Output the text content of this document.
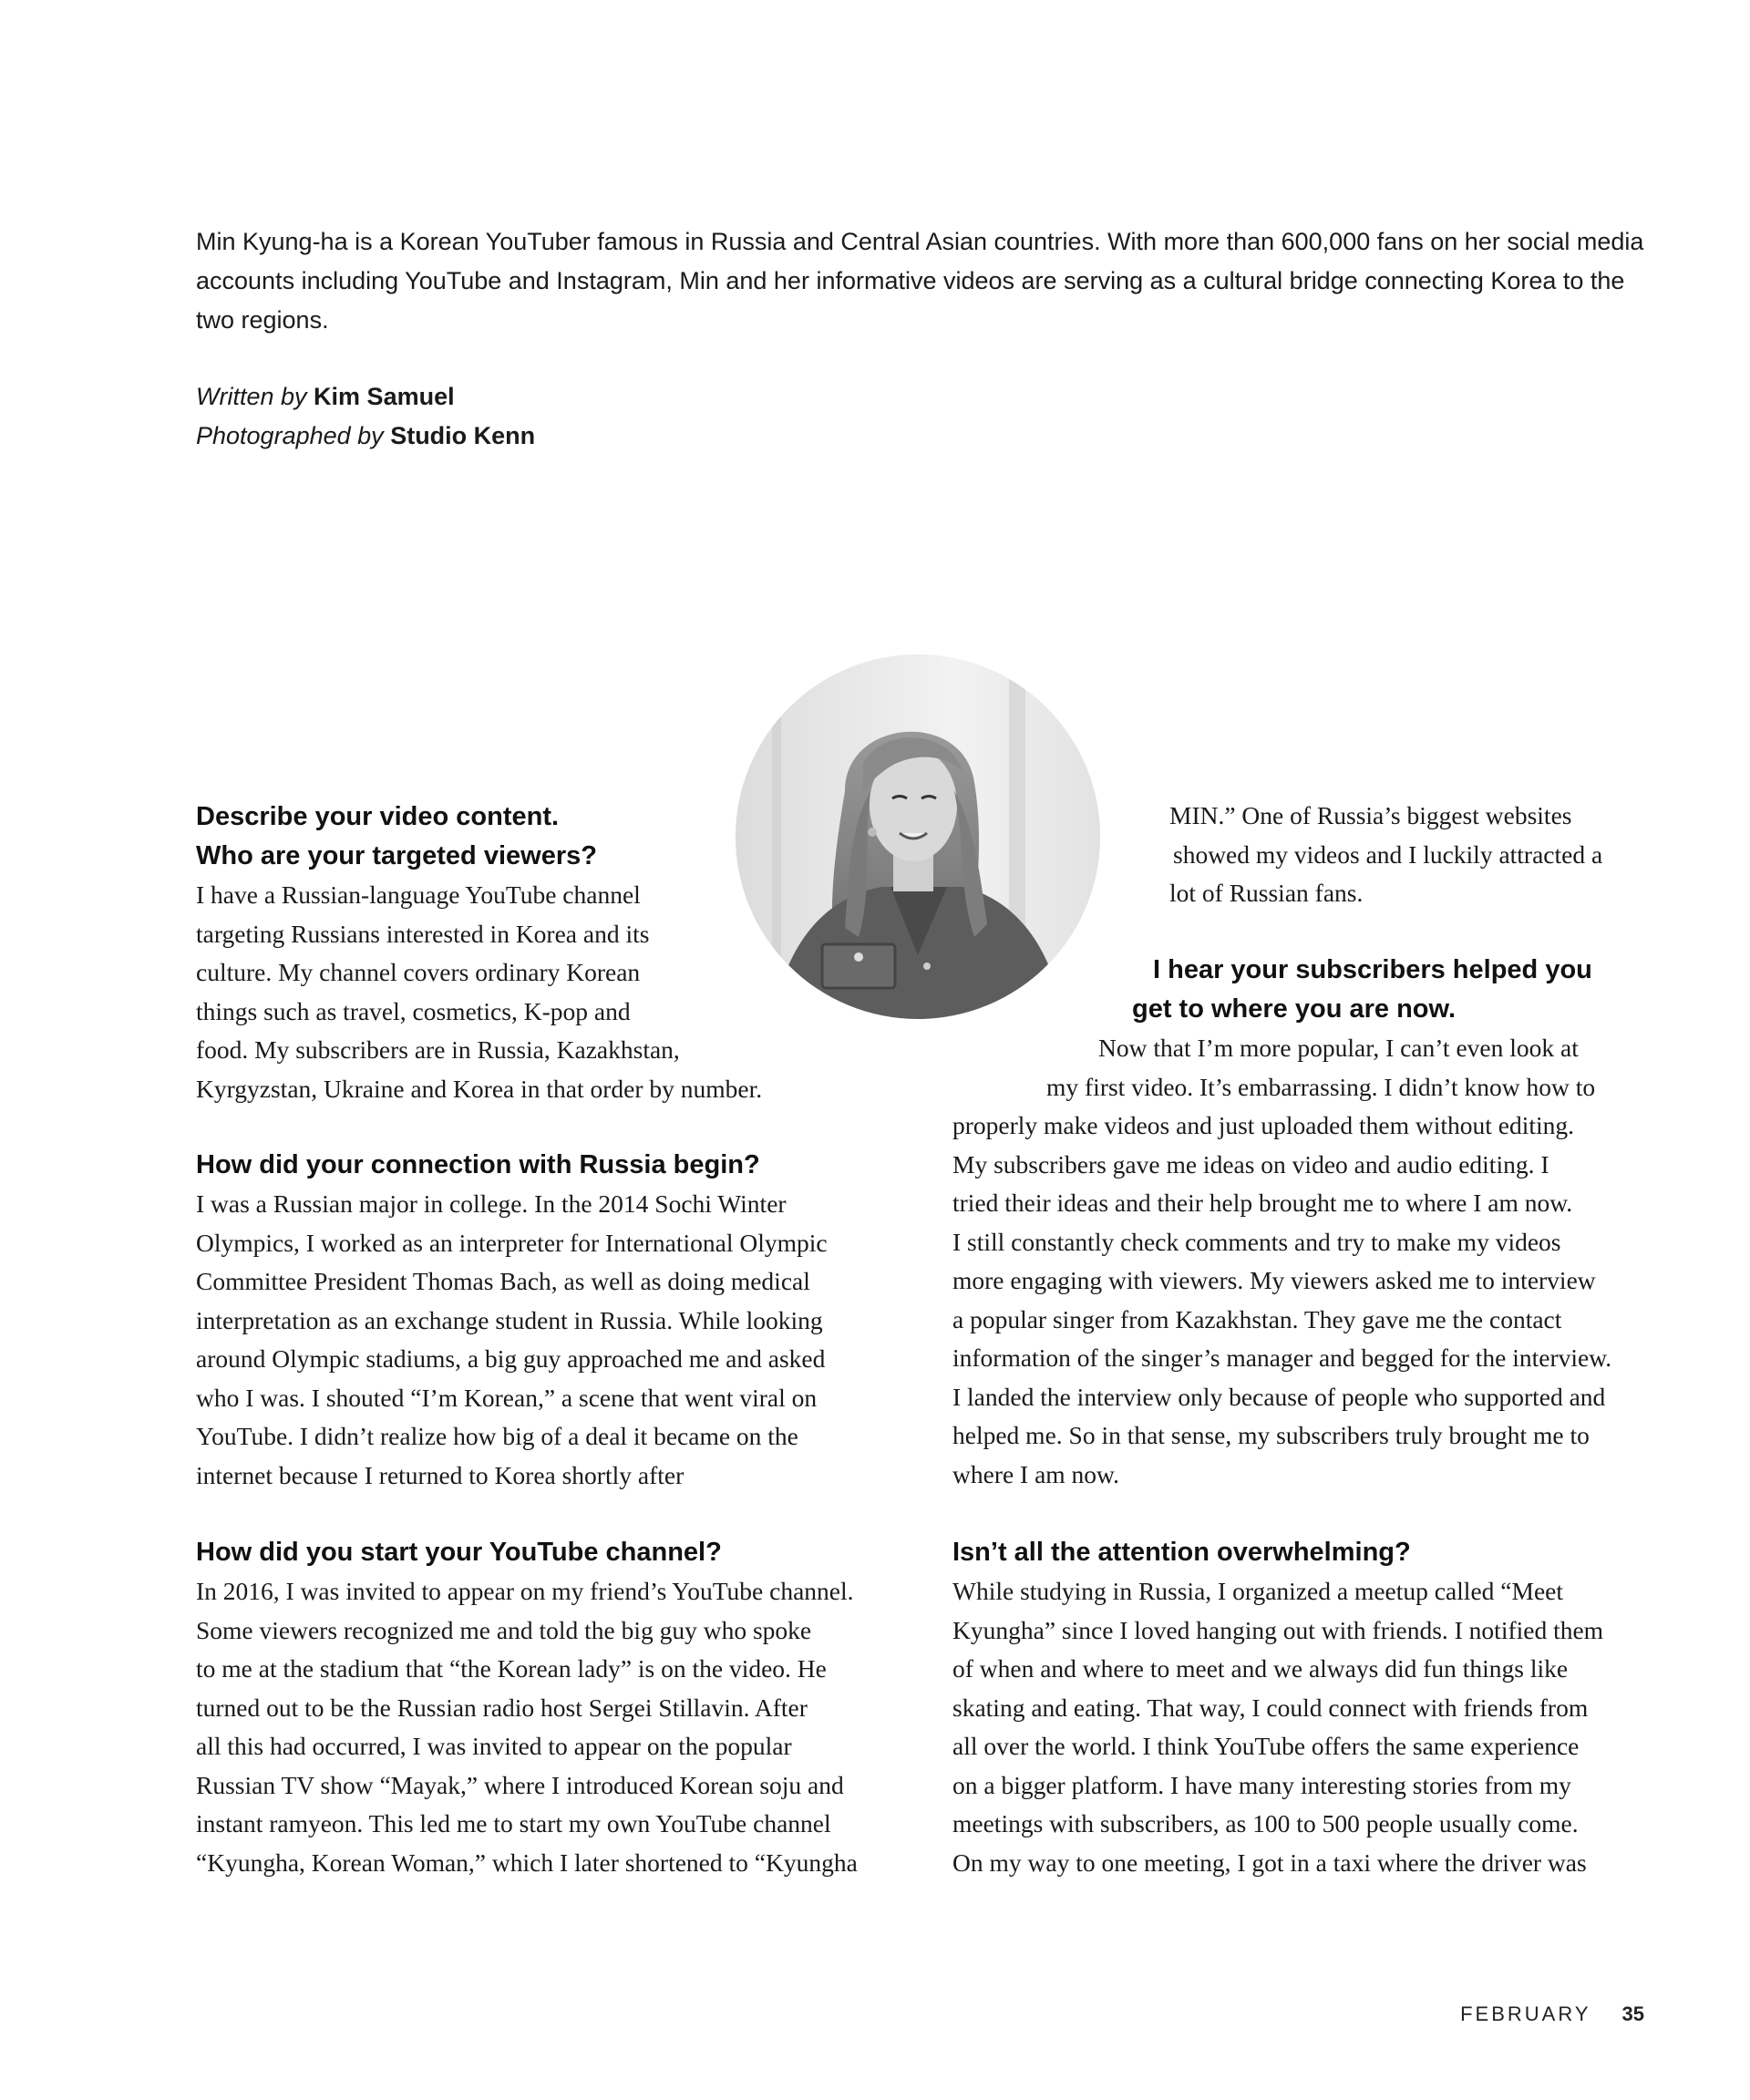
Min Kyung-ha is a Korean YouTuber famous in Russia and Central Asian countries. With more than 600,000 fans on her social media accounts including YouTube and Instagram, Min and her informative videos are serving as a cultural bridge connecting Korea to the two regions.

Written by Kim Samuel
Photographed by Studio Kenn
Describe your video content.
Who are your targeted viewers?

I have a Russian-language YouTube channel
targeting Russians interested in Korea and its
culture. My channel covers ordinary Korean
things such as travel, cosmetics, K-pop and
food. My subscribers are in Russia, Kazakhstan,
Kyrgyzstan, Ukraine and Korea in that order by number.

How did your connection with Russia begin?

I was a Russian major in college. In the 2014 Sochi Winter
Olympics, I worked as an interpreter for International Olympic
Committee President Thomas Bach, as well as doing medical
interpretation as an exchange student in Russia. While looking
around Olympic stadiums, a big guy approached me and asked
who I was. I shouted “I’m Korean,” a scene that went viral on
YouTube. I didn’t realize how big of a deal it became on the
internet because I returned to Korea shortly after

How did you start your YouTube channel?

In 2016, I was invited to appear on my friend’s YouTube channel.
Some viewers recognized me and told the big guy who spoke
to me at the stadium that “the Korean lady” is on the video. He
turned out to be the Russian radio host Sergei Stillavin. After
all this had occurred, I was invited to appear on the popular
Russian TV show “Mayak,” where I introduced Korean soju and
instant ramyeon. This led me to start my own YouTube channel
“Kyungha, Korean Woman,” which I later shortened to “Kyungha

MIN.” One of Russia’s biggest websites
showed my videos and I luckily attracted a
lot of Russian fans.

I hear your subscribers helped you
get to where you are now.

Now that I’m more popular, I can’t even look at
my first video. It’s embarrassing. I didn’t know how to
properly make videos and just uploaded them without editing.
My subscribers gave me ideas on video and audio editing. I
tried their ideas and their help brought me to where I am now.
I still constantly check comments and try to make my videos
more engaging with viewers. My viewers asked me to interview
a popular singer from Kazakhstan. They gave me the contact
information of the singer’s manager and begged for the interview.
I landed the interview only because of people who supported and
helped me. So in that sense, my subscribers truly brought me to
where I am now.

Isn’t all the attention overwhelming?

While studying in Russia, I organized a meetup called “Meet
Kyungha” since I loved hanging out with friends. I notified them
of when and where to meet and we always did fun things like
skating and eating. That way, I could connect with friends from
all over the world. I think YouTube offers the same experience
on a bigger platform. I have many interesting stories from my
meetings with subscribers, as 100 to 500 people usually come.
On my way to one meeting, I got in a taxi where the driver was

FEBRUARY 35
